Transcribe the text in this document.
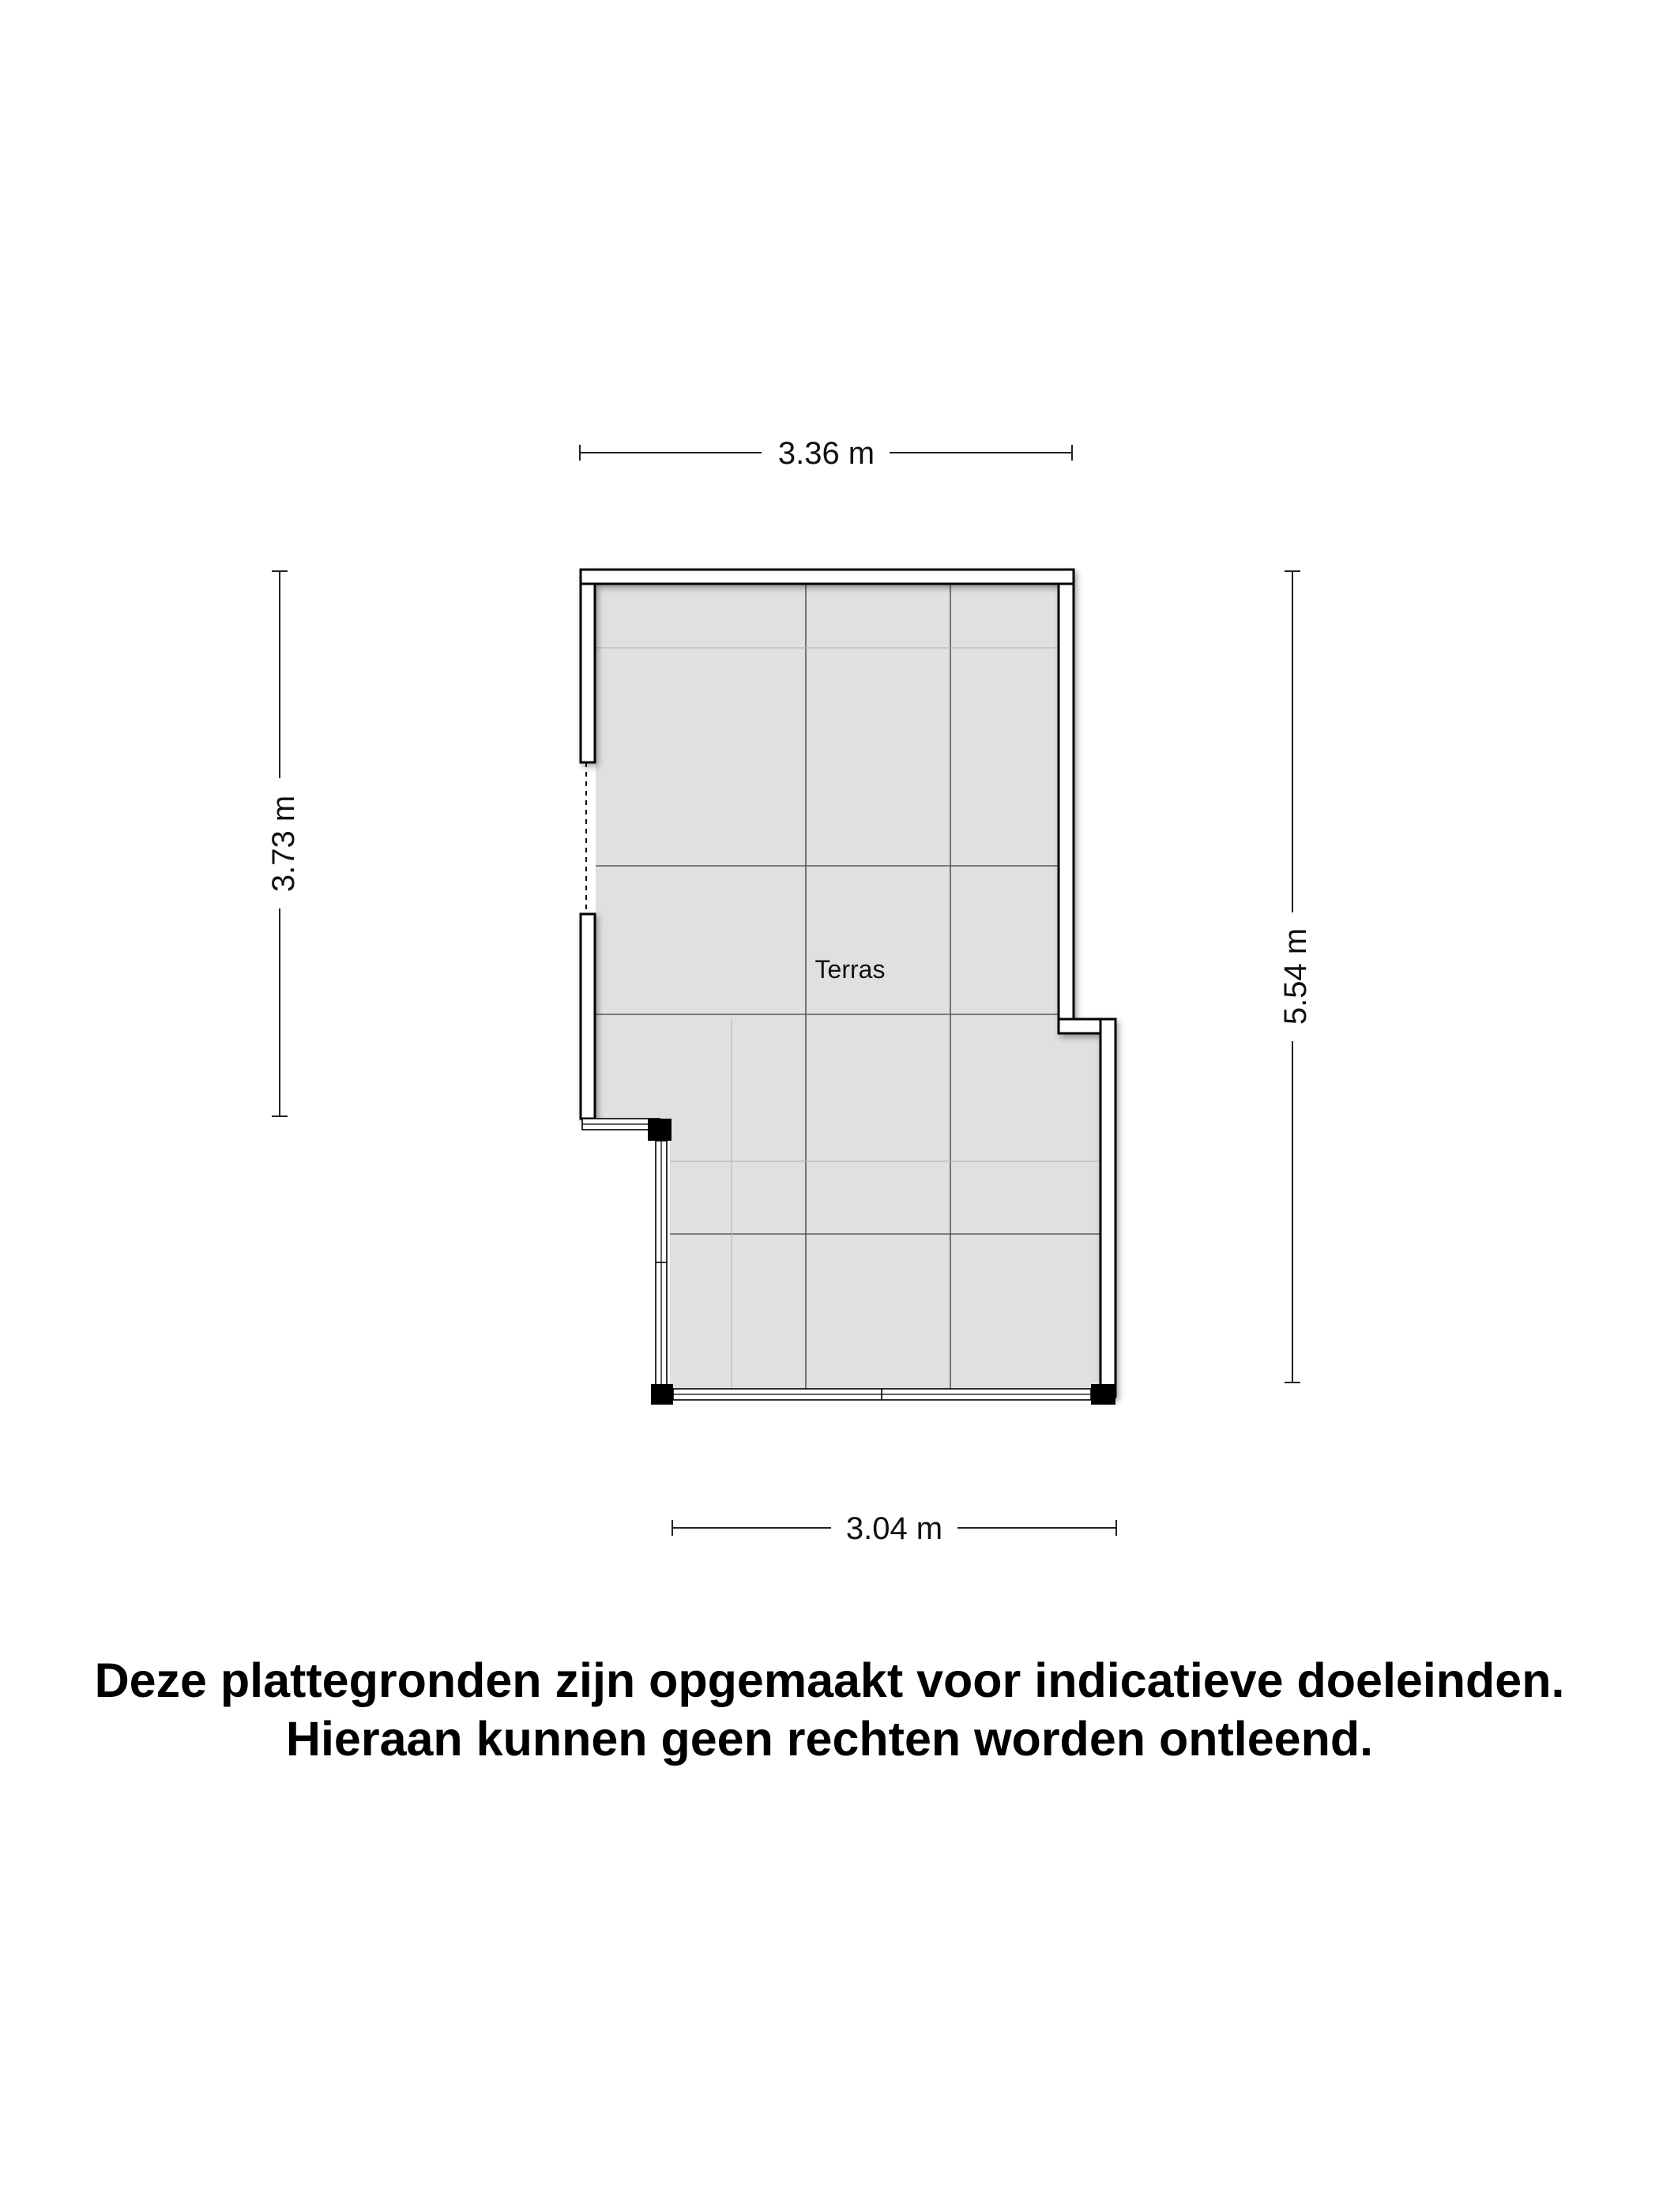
3.36 m
3.73 m
5.54 m
3.04 m
Terras
Deze plattegronden zijn opgemaakt voor indicatieve doeleinden.
Hieraan kunnen geen rechten worden ontleend.
